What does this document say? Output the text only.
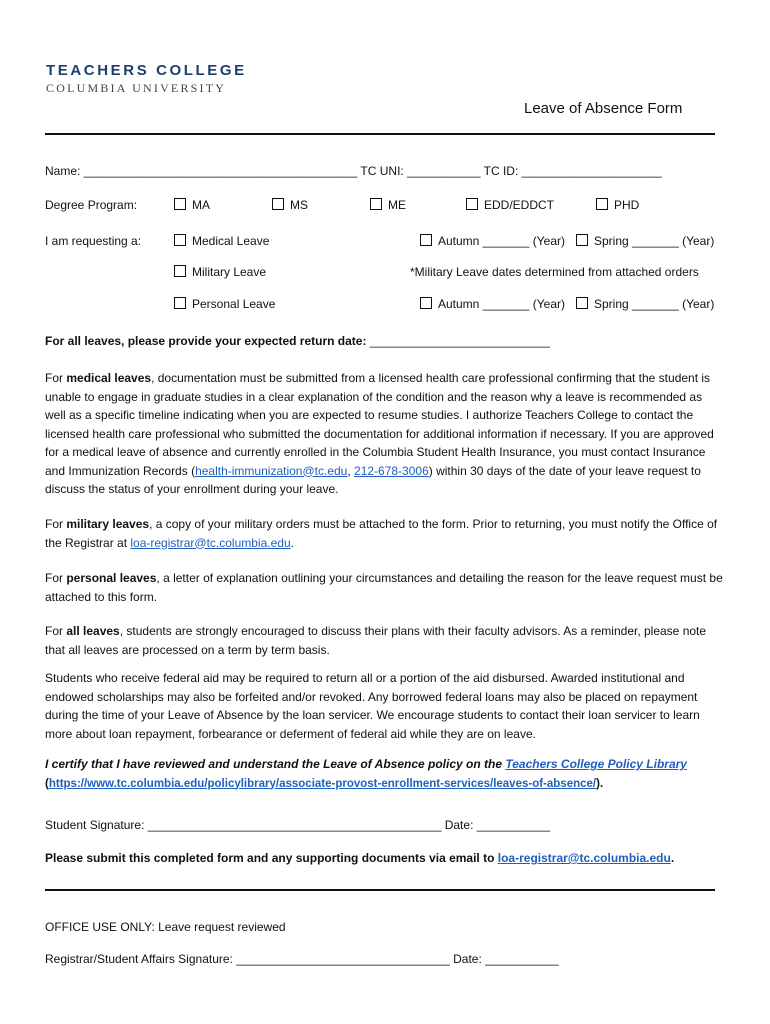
TEACHERS COLLEGE
COLUMBIA UNIVERSITY
Leave of Absence Form
Name: _________________________________________ TC UNI: ___________ TC ID: _____________________
Degree Program:	MA	MS	ME	EDD/EDDCT	PHD
I am requesting a:	Medical Leave	Autumn _______ (Year)	Spring _______ (Year)
Military Leave	*Military Leave dates determined from attached orders
Personal Leave	Autumn _______ (Year)	Spring _______ (Year)
For all leaves, please provide your expected return date: ___________________________
For medical leaves, documentation must be submitted from a licensed health care professional confirming that the student is unable to engage in graduate studies in a clear explanation of the condition and the reason why a leave is recommended as well as a specific timeline indicating when you are expected to resume studies. I authorize Teachers College to contact the licensed health care professional who submitted the documentation for additional information if necessary. If you are approved for a medical leave of absence and currently enrolled in the Columbia Student Health Insurance, you must contact Insurance and Immunization Records (health-immunization@tc.edu, 212-678-3006) within 30 days of the date of your leave request to discuss the status of your enrollment during your leave.
For military leaves, a copy of your military orders must be attached to the form. Prior to returning, you must notify the Office of the Registrar at loa-registrar@tc.columbia.edu.
For personal leaves, a letter of explanation outlining your circumstances and detailing the reason for the leave request must be attached to this form.
For all leaves, students are strongly encouraged to discuss their plans with their faculty advisors. As a reminder, please note that all leaves are processed on a term by term basis.
Students who receive federal aid may be required to return all or a portion of the aid disbursed. Awarded institutional and endowed scholarships may also be forfeited and/or revoked. Any borrowed federal loans may also be placed on repayment during the time of your Leave of Absence by the loan servicer. We encourage students to contact their loan servicer to learn more about loan repayment, forbearance or deferment of federal aid while they are on leave.
I certify that I have reviewed and understand the Leave of Absence policy on the Teachers College Policy Library
(https://www.tc.columbia.edu/policylibrary/associate-provost-enrollment-services/leaves-of-absence/).
Student Signature: ____________________________________________ Date: ___________
Please submit this completed form and any supporting documents via email to loa-registrar@tc.columbia.edu.
OFFICE USE ONLY: Leave request reviewed
Registrar/Student Affairs Signature: ________________________________ Date: ___________
